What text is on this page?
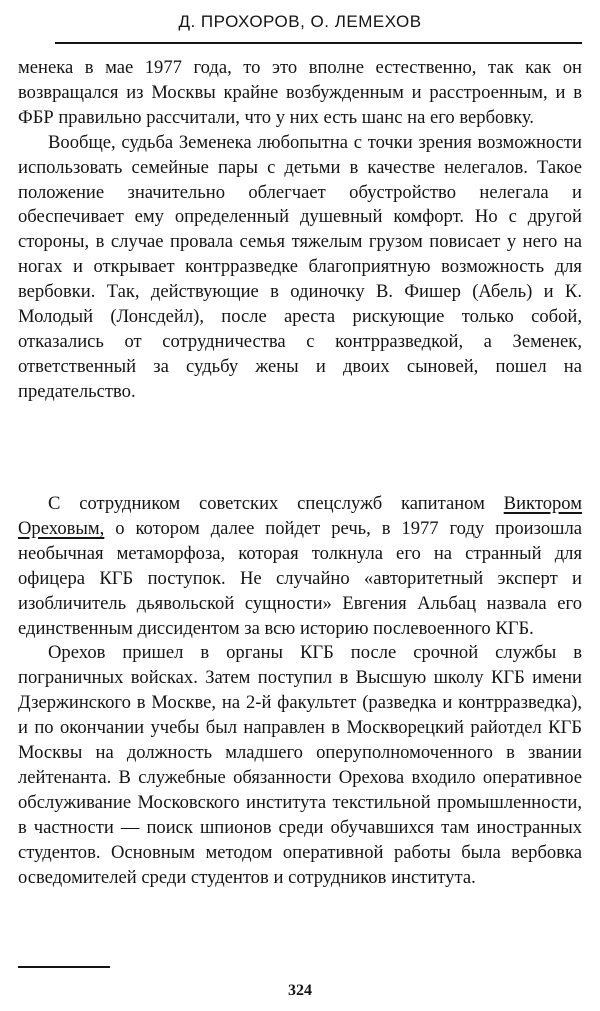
Д. ПРОХОРОВ, О. ЛЕМЕХОВ

менека в мае 1977 года, то это вполне естественно, так как он возвращался из Москвы крайне возбужденным и расстроенным, и в ФБР правильно рассчитали, что у них есть шанс на его вербовку.

Вообще, судьба Земенека любопытна с точки зрения возможности использовать семейные пары с детьми в качестве нелегалов. Такое положение значительно облегчает обустройство нелегала и обеспечивает ему определенный душевный комфорт. Но с другой стороны, в случае провала семья тяжелым грузом повисает у него на ногах и открывает контрразведке благоприятную возможность для вербовки. Так, действующие в одиночку В. Фишер (Абель) и К. Молодый (Лонсдейл), после ареста рискующие только собой, отказались от сотрудничества с контрразведкой, а Земенек, ответственный за судьбу жены и двоих сыновей, пошел на предательство.

С сотрудником советских спецслужб капитаном Виктором Ореховым, о котором далее пойдет речь, в 1977 году произошла необычная метаморфоза, которая толкнула его на странный для офицера КГБ поступок. Не случайно «авторитетный эксперт и изобличитель дьявольской сущности» Евгения Альбац назвала его единственным диссидентом за всю историю послевоенного КГБ.

Орехов пришел в органы КГБ после срочной службы в пограничных войсках. Затем поступил в Высшую школу КГБ имени Дзержинского в Москве, на 2-й факультет (разведка и контрразведка), и по окончании учебы был направлен в Москворецкий райотдел КГБ Москвы на должность младшего оперуполномоченного в звании лейтенанта. В служебные обязанности Орехова входило оперативное обслуживание Московского института текстильной промышленности, в частности — поиск шпионов среди обучавшихся там иностранных студентов. Основным методом оперативной работы была вербовка осведомителей среди студентов и сотрудников института.

324
